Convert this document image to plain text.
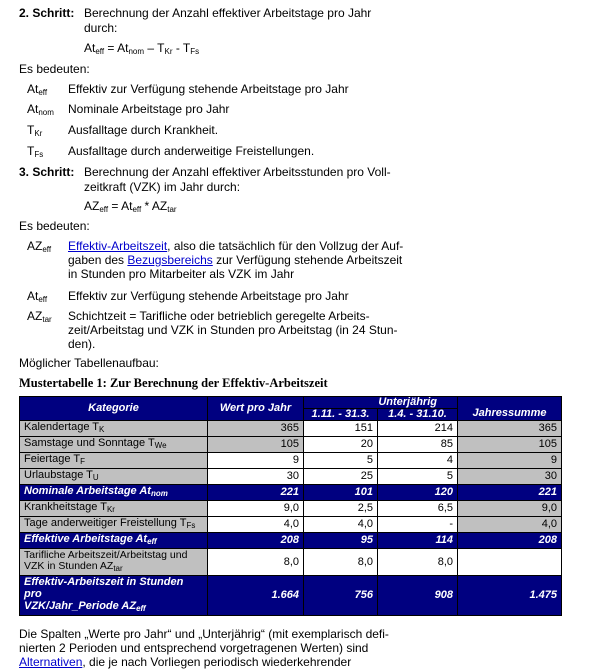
2. Schritt: Berechnung der Anzahl effektiver Arbeitstage pro Jahr
durch:
$At_{eff} = At_{nom} - T_{Kr} - T_{Fs}$
Es bedeuten:
$At_{eff}$ Effektiv zur Verfügung stehende Arbeitstage pro Jahr
$At_{nom}$ Nominale Arbeitstage pro Jahr
$T_{Kr}$ Ausfalltage durch Krankheit.
$T_{Fs}$ Ausfalltage durch anderweitige Freistellungen.
3. Schritt: Berechnung der Anzahl effektiver Arbeitsstunden pro Voll-
zeitkraft (VZK) im Jahr durch:
$AZ_{eff} = At_{eff} * AZ_{tar}$
Es bedeuten:
$AZ_{eff}$ Effektiv-Arbeitszeit, also die tatsächlich für den Vollzug der Auf-
gaben des Bezugsbereichs zur Verfügung stehende Arbeitszeit
in Stunden pro Mitarbeiter als VZK im Jahr
$At_{eff}$ Effektiv zur Verfügung stehende Arbeitstage pro Jahr
$AZ_{tar}$ Schichtzeit = Tarifliche oder betrieblich geregelte Arbeits-
zeit/Arbeitstag und VZK in Stunden pro Arbeitstag (in 24 Stun-
den).
Möglicher Tabellenaufbau:
Mustertabelle 1: Zur Berechnung der Effektiv-Arbeitszeit
Kategorie	Wert pro Jahr	Unterjährig		Jahressumme
		1.11. - 31.3.	1.4. - 31.10.	
Kalendertage $T_K$	365	151	214	365
Samstage und Sonntage $T_{We}$	105	20	85	105
Feiertage $T_F$	9	5	4	9
Urlaubstage $T_U$	30	25	5	30
Nominale Arbeitstage $At_{nom}$	221	101	120	221
Krankheitstage $T_{Kr}$	9,0	2,5	6,5	9,0
Tage anderweitiger Freistellung $T_{Fs}$	4,0	4,0	-	4,0
Effektive Arbeitstage $At_{eff}$	208	95	114	208

Tarifliche Arbeitszeit/Arbeitstag und
VZK in Stunden $AZ_{tar}$	8,0	8,0	8,0	

Effektiv-Arbeitszeit in Stunden pro
VZK/Jahr_Periode $AZ_{eff}$	1.664	756	908	1.475
Die Spalten „Werte pro Jahr“ und „Unterjährig“ (mit exemplarisch defi-
nierten 2 Perioden und entsprechend vorgetragenen Werten) sind
Alternativen, die je nach Vorliegen periodisch wiederkehrender
